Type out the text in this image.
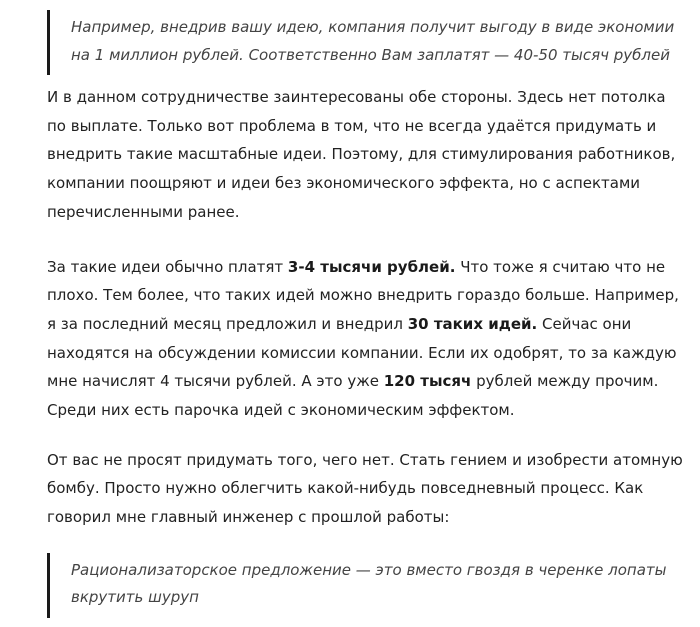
Например, внедрив вашу идею, компания получит выгоду в виде экономии на 1 миллион рублей. Соответственно Вам заплатят — 40-50 тысяч рублей

И в данном сотрудничестве заинтересованы обе стороны. Здесь нет потолка по выплате. Только вот проблема в том, что не всегда удаётся придумать и внедрить такие масштабные идеи. Поэтому, для стимулирования работников, компании поощряют и идеи без экономического эффекта, но с аспектами перечисленными ранее.

За такие идеи обычно платят 3-4 тысячи рублей. Что тоже я считаю что не плохо. Тем более, что таких идей можно внедрить гораздо больше. Например, я за последний месяц предложил и внедрил 30 таких идей. Сейчас они находятся на обсуждении комиссии компании. Если их одобрят, то за каждую мне начислят 4 тысячи рублей. А это уже 120 тысяч рублей между прочим. Среди них есть парочка идей с экономическим эффектом.

От вас не просят придумать того, чего нет. Стать гением и изобрести атомную бомбу. Просто нужно облегчить какой-нибудь повседневный процесс. Как говорил мне главный инженер с прошлой работы:

Рационализаторское предложение — это вместо гвоздя в черенке лопаты вкрутить шуруп
